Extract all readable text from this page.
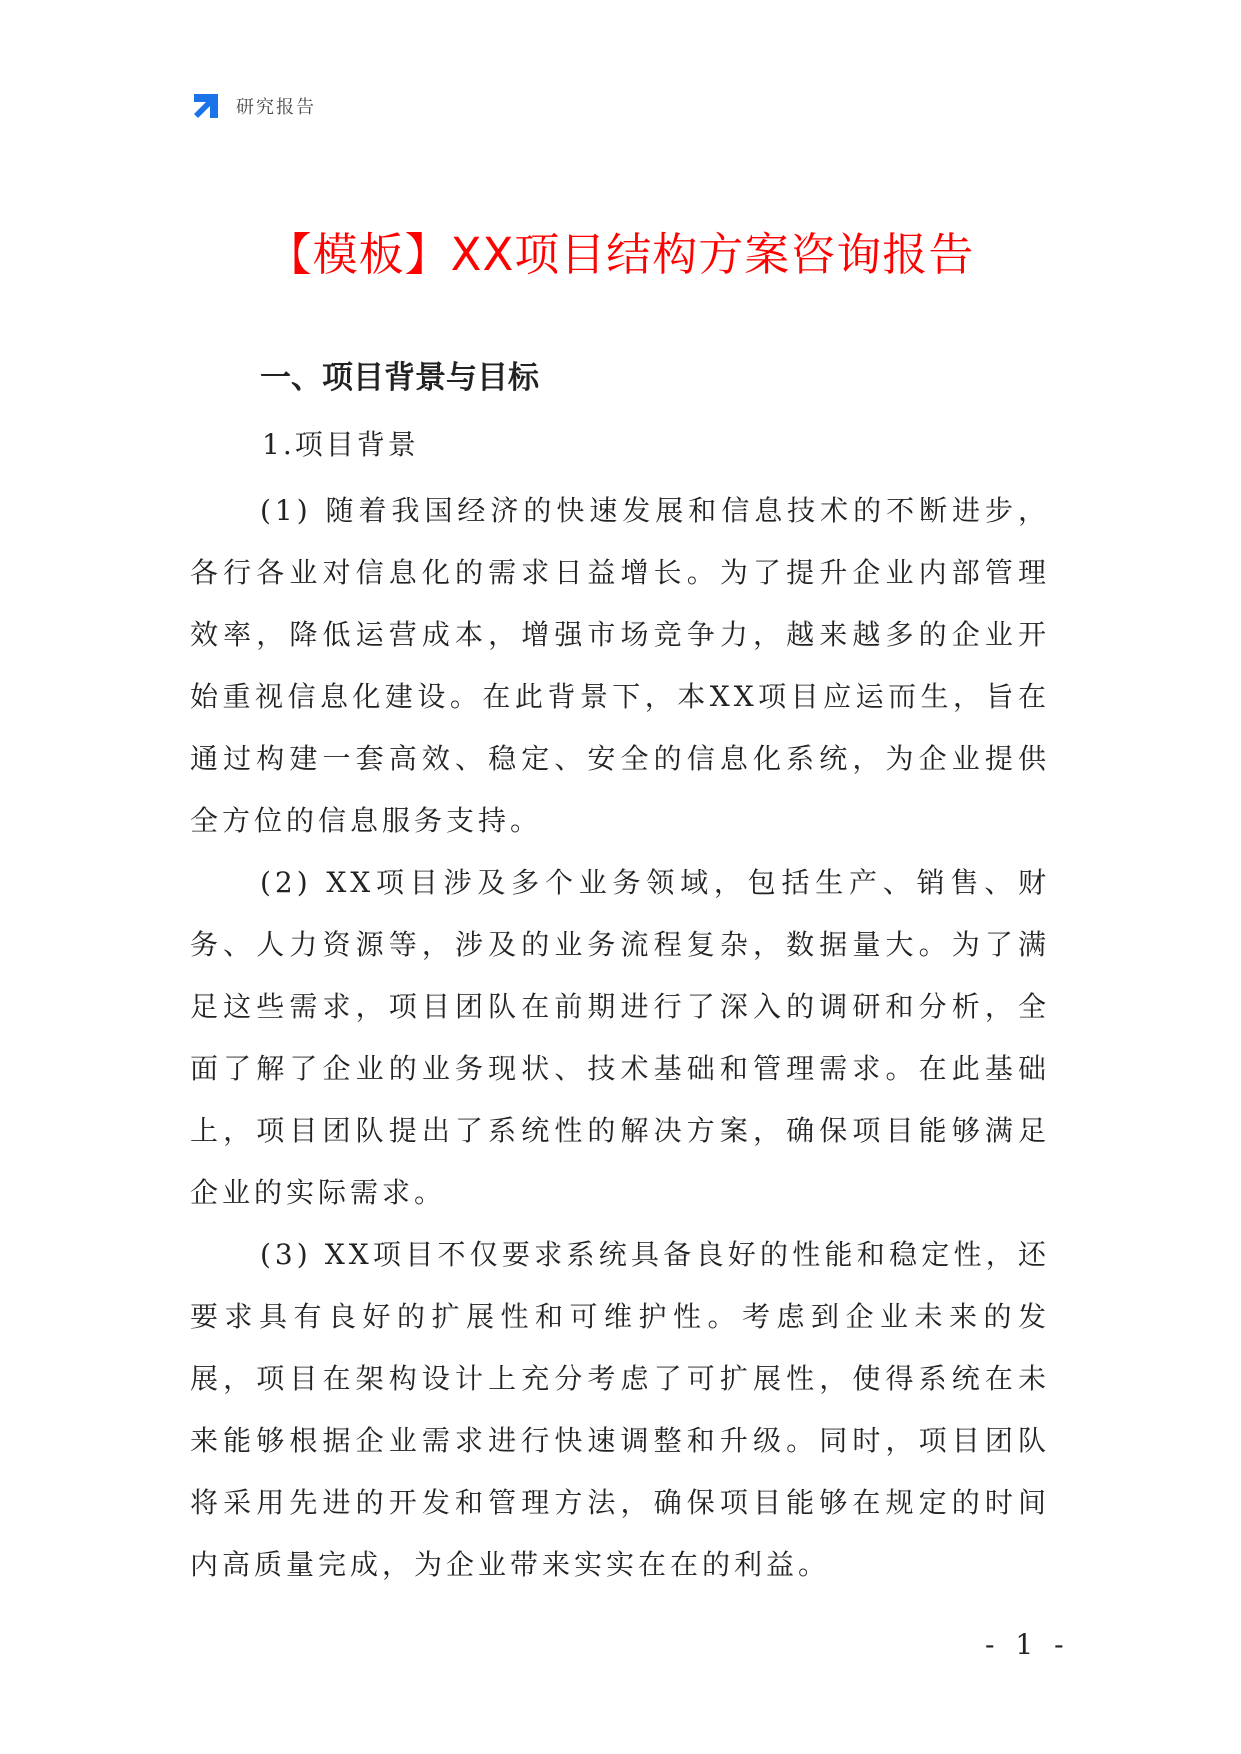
研究报告
【模板】XX项目结构方案咨询报告
一、项目背景与目标
1.项目背景

(1) 随着我国经济的快速发展和信息技术的不断进步，各行各业对信息化的需求日益增长。为了提升企业内部管理效率，降低运营成本，增强市场竞争力，越来越多的企业开始重视信息化建设。在此背景下，本XX项目应运而生，旨在通过构建一套高效、稳定、安全的信息化系统，为企业提供全方位的信息服务支持。

(2) XX项目涉及多个业务领域，包括生产、销售、财务、人力资源等，涉及的业务流程复杂，数据量大。为了满足这些需求，项目团队在前期进行了深入的调研和分析，全面了解了企业的业务现状、技术基础和管理需求。在此基础上，项目团队提出了系统性的解决方案，确保项目能够满足企业的实际需求。

(3) XX项目不仅要求系统具备良好的性能和稳定性，还要求具有良好的扩展性和可维护性。考虑到企业未来的发展，项目在架构设计上充分考虑了可扩展性，使得系统在未来能够根据企业需求进行快速调整和升级。同时，项目团队将采用先进的开发和管理方法，确保项目能够在规定的时间内高质量完成，为企业带来实实在在的利益。

- 1 -
